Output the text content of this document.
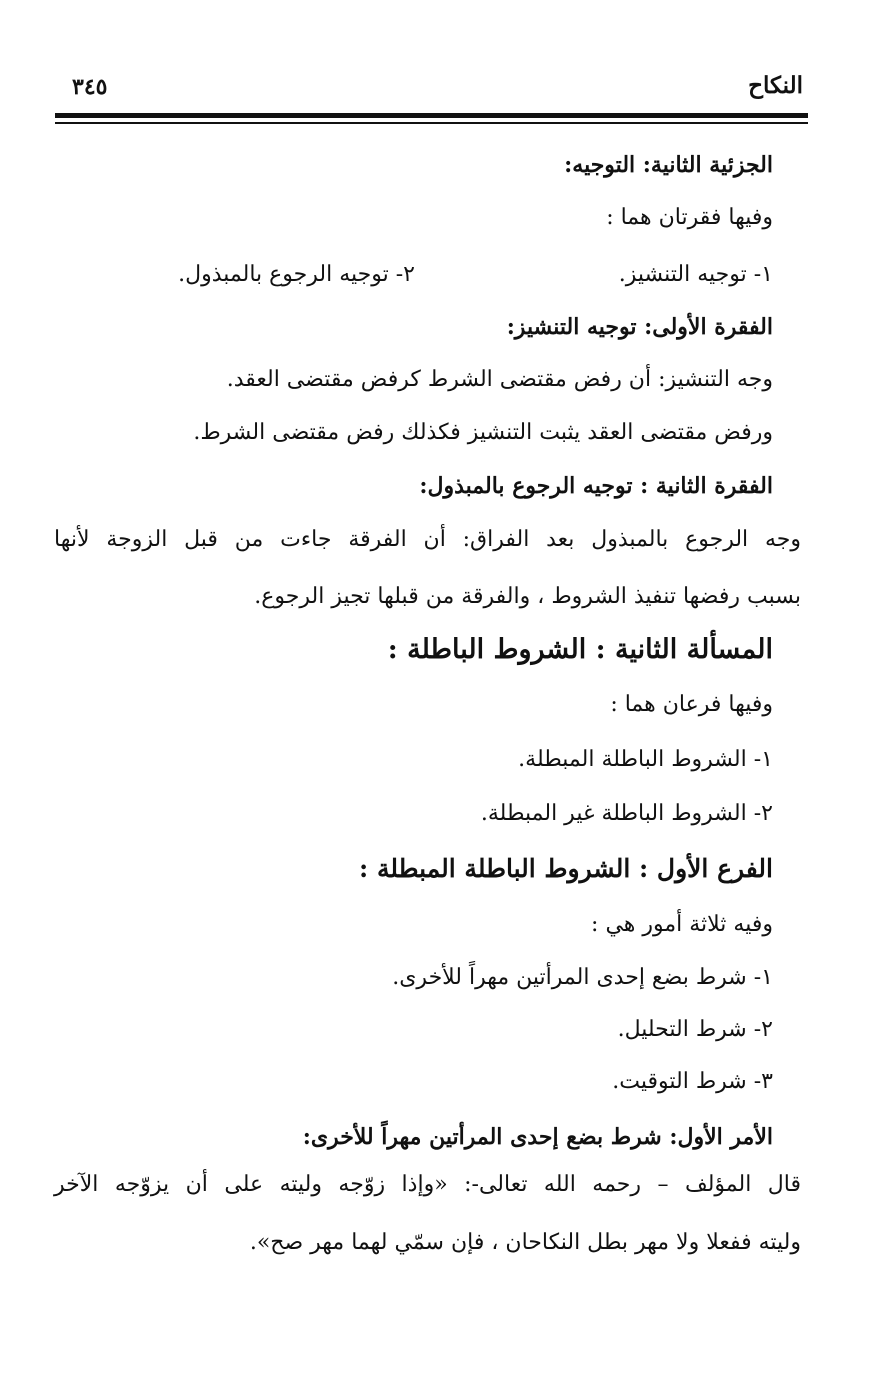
النكاح
٣٤٥
الجزئية الثانية: التوجيه:
وفيها فقرتان هما :
١- توجيه التنشيز.
٢- توجيه الرجوع بالمبذول.
الفقرة الأولى: توجيه التنشيز:
وجه التنشيز: أن رفض مقتضى الشرط كرفض مقتضى العقد.
ورفض مقتضى العقد يثبت التنشيز فكذلك رفض مقتضى الشرط.
الفقرة الثانية : توجيه الرجوع بالمبذول:
وجه الرجوع بالمبذول بعد الفراق: أن الفرقة جاءت من قبل الزوجة لأنها
بسبب رفضها تنفيذ الشروط ، والفرقة من قبلها تجيز الرجوع.
المسألة الثانية : الشروط الباطلة :
وفيها فرعان هما :
١- الشروط الباطلة المبطلة.
٢- الشروط الباطلة غير المبطلة.
الفرع الأول : الشروط الباطلة المبطلة :
وفيه ثلاثة أمور هي :
١- شرط بضع إحدى المرأتين مهراً للأخرى.
٢- شرط التحليل.
٣- شرط التوقيت.
الأمر الأول: شرط بضع إحدى المرأتين مهراً للأخرى:
قال المؤلف – رحمه الله تعالى-: «وإذا زوّجه وليته على أن يزوّجه الآخر
وليته ففعلا ولا مهر بطل النكاحان ، فإن سمّي لهما مهر صح».
